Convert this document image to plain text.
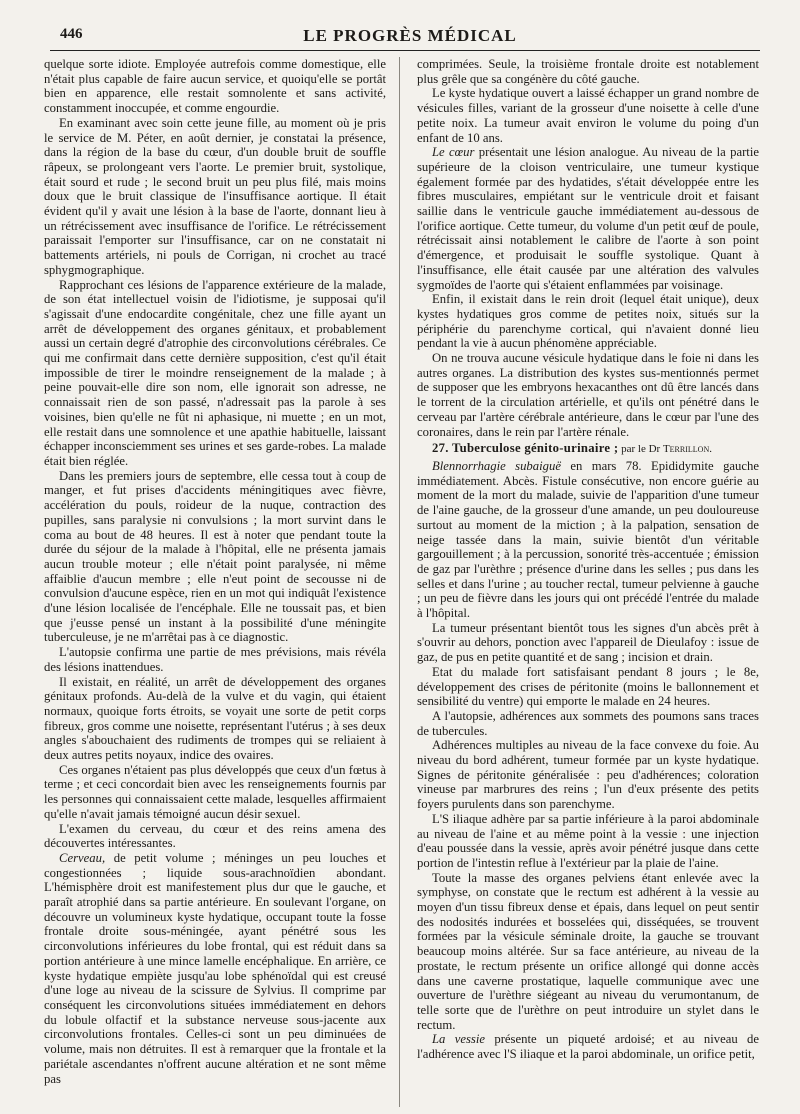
446	LE PROGRÈS MÉDICAL

quelque sorte idiote. Employée autrefois comme domestique, elle n'était plus capable de faire aucun service, et quoiqu'elle se portât bien en apparence, elle restait somnolente et sans activité, constamment inoccupée, et comme engourdie.

En examinant avec soin cette jeune fille, au moment où je pris le service de M. Péter, en août dernier, je constatai la présence, dans la région de la base du cœur, d'un double bruit de souffle râpeux, se prolongeant vers l'aorte. Le premier bruit, systolique, était sourd et rude ; le second bruit un peu plus filé, mais moins doux que le bruit classique de l'insuffisance aortique. Il était évident qu'il y avait une lésion à la base de l'aorte, donnant lieu à un rétrécissement avec insuffisance de l'orifice. Le rétrécissement paraissait l'emporter sur l'insuffisance, car on ne constatait ni battements artériels, ni pouls de Corrigan, ni crochet au tracé sphygmographique.

Rapprochant ces lésions de l'apparence extérieure de la malade, de son état intellectuel voisin de l'idiotisme, je supposai qu'il s'agissait d'une endocardite congénitale, chez une fille ayant un arrêt de développement des organes génitaux, et probablement aussi un certain degré d'atrophie des circonvolutions cérébrales. Ce qui me confirmait dans cette dernière supposition, c'est qu'il était impossible de tirer le moindre renseignement de la malade ; à peine pouvait-elle dire son nom, elle ignorait son adresse, ne connaissait rien de son passé, n'adressait pas la parole à ses voisines, bien qu'elle ne fût ni aphasique, ni muette ; en un mot, elle restait dans une somnolence et une apathie habituelle, laissant échapper inconsciemment ses urines et ses garde-robes. La malade était bien réglée.

Dans les premiers jours de septembre, elle cessa tout à coup de manger, et fut prises d'accidents méningitiques avec fièvre, accélération du pouls, roideur de la nuque, contraction des pupilles, sans paralysie ni convulsions ; la mort survint dans le coma au bout de 48 heures. Il est à noter que pendant toute la durée du séjour de la malade à l'hôpital, elle ne présenta jamais aucun trouble moteur ; elle n'était point paralysée, ni même affaiblie d'aucun membre ; elle n'eut point de secousse ni de convulsion d'aucune espèce, rien en un mot qui indiquât l'existence d'une lésion localisée de l'encéphale. Elle ne toussait pas, et bien que j'eusse pensé un instant à la possibilité d'une méningite tuberculeuse, je ne m'arrêtai pas à ce diagnostic.

L'autopsie confirma une partie de mes prévisions, mais révéla des lésions inattendues.

Il existait, en réalité, un arrêt de développement des organes génitaux profonds. Au-delà de la vulve et du vagin, qui étaient normaux, quoique forts étroits, se voyait une sorte de petit corps fibreux, gros comme une noisette, représentant l'utérus ; à ses deux angles s'abouchaient des rudiments de trompes qui se reliaient à deux autres petits noyaux, indice des ovaires.

Ces organes n'étaient pas plus développés que ceux d'un fœtus à terme ; et ceci concordait bien avec les renseignements fournis par les personnes qui connaissaient cette malade, lesquelles affirmaient qu'elle n'avait jamais témoigné aucun désir sexuel.

L'examen du cerveau, du cœur et des reins amena des découvertes intéressantes.

Cerveau, de petit volume ; méninges un peu louches et congestionnées ; liquide sous-arachnoïdien abondant. L'hémisphère droit est manifestement plus dur que le gauche, et paraît atrophié dans sa partie antérieure. En soulevant l'organe, on découvre un volumineux kyste hydatique, occupant toute la fosse frontale droite sous-méningée, ayant pénétré sous les circonvolutions inférieures du lobe frontal, qui est réduit dans sa portion antérieure à une mince lamelle encéphalique. En arrière, ce kyste hydatique empiète jusqu'au lobe sphénoïdal qui est creusé d'une loge au niveau de la scissure de Sylvius. Il comprime par conséquent les circonvolutions situées immédiatement en dehors du lobule olfactif et la substance nerveuse sous-jacente aux circonvolutions frontales. Celles-ci sont un peu diminuées de volume, mais non détruites. Il est à remarquer que la frontale et la pariétale ascendantes n'offrent aucune altération et ne sont même pas

comprimées. Seule, la troisième frontale droite est notablement plus grêle que sa congénère du côté gauche.

Le kyste hydatique ouvert a laissé échapper un grand nombre de vésicules filles, variant de la grosseur d'une noisette à celle d'une petite noix. La tumeur avait environ le volume du poing d'un enfant de 10 ans.

Le cœur présentait une lésion analogue. Au niveau de la partie supérieure de la cloison ventriculaire, une tumeur kystique également formée par des hydatides, s'était développée entre les fibres musculaires, empiétant sur le ventricule droit et faisant saillie dans le ventricule gauche immédiatement au-dessous de l'orifice aortique. Cette tumeur, du volume d'un petit œuf de poule, rétrécissait ainsi notablement le calibre de l'aorte à son point d'émergence, et produisait le souffle systolique. Quant à l'insuffisance, elle était causée par une altération des valvules sygmoïdes de l'aorte qui s'étaient enflammées par voisinage.

Enfin, il existait dans le rein droit (lequel était unique), deux kystes hydatiques gros comme de petites noix, situés sur la périphérie du parenchyme cortical, qui n'avaient donné lieu pendant la vie à aucun phénomène appréciable.

On ne trouva aucune vésicule hydatique dans le foie ni dans les autres organes. La distribution des kystes sus-mentionnés permet de supposer que les embryons hexacanthes ont dû être lancés dans le torrent de la circulation artérielle, et qu'ils ont pénétré dans le cerveau par l'artère cérébrale antérieure, dans le cœur par l'une des coronaires, dans le rein par l'artère rénale.

27. Tuberculose génito-urinaire ; par le Dr Terrillon.

Blennorrhagie subaiguë en mars 78. Epididymite gauche immédiatement. Abcès. Fistule consécutive, non encore guérie au moment de la mort du malade, suivie de l'apparition d'une tumeur de l'aine gauche, de la grosseur d'une amande, un peu douloureuse surtout au moment de la miction ; à la palpation, sensation de neige tassée dans la main, suivie bientôt d'un véritable gargouillement ; à la percussion, sonorité très-accentuée ; émission de gaz par l'urèthre ; présence d'urine dans les selles ; pus dans les selles et dans l'urine ; au toucher rectal, tumeur pelvienne à gauche ; un peu de fièvre dans les jours qui ont précédé l'entrée du malade à l'hôpital.

La tumeur présentant bientôt tous les signes d'un abcès prêt à s'ouvrir au dehors, ponction avec l'appareil de Dieulafoy : issue de gaz, de pus en petite quantité et de sang ; incision et drain.

Etat du malade fort satisfaisant pendant 8 jours ; le 8e, développement des crises de péritonite (moins le ballonnement et sensibilité du ventre) qui emporte le malade en 24 heures.

A l'autopsie, adhérences aux sommets des poumons sans traces de tubercules.

Adhérences multiples au niveau de la face convexe du foie. Au niveau du bord adhérent, tumeur formée par un kyste hydatique. Signes de péritonite généralisée : peu d'adhérences; coloration vineuse par marbrures des reins ; l'un d'eux présente des petits foyers purulents dans son parenchyme.

L'S iliaque adhère par sa partie inférieure à la paroi abdominale au niveau de l'aine et au même point à la vessie : une injection d'eau poussée dans la vessie, après avoir pénétré jusque dans cette portion de l'intestin reflue à l'extérieur par la plaie de l'aine.

Toute la masse des organes pelviens étant enlevée avec la symphyse, on constate que le rectum est adhérent à la vessie au moyen d'un tissu fibreux dense et épais, dans lequel on peut sentir des nodosités indurées et bosselées qui, disséquées, se trouvent formées par la vésicule séminale droite, la gauche se trouvant beaucoup moins altérée. Sur sa face antérieure, au niveau de la prostate, le rectum présente un orifice allongé qui donne accès dans une caverne prostatique, laquelle communique avec une ouverture de l'urèthre siégeant au niveau du verumontanum, de telle sorte que de l'urèthre on peut introduire un stylet dans le rectum.

La vessie présente un piqueté ardoisé; et au niveau de l'adhérence avec l'S iliaque et la paroi abdominale, un orifice petit,
